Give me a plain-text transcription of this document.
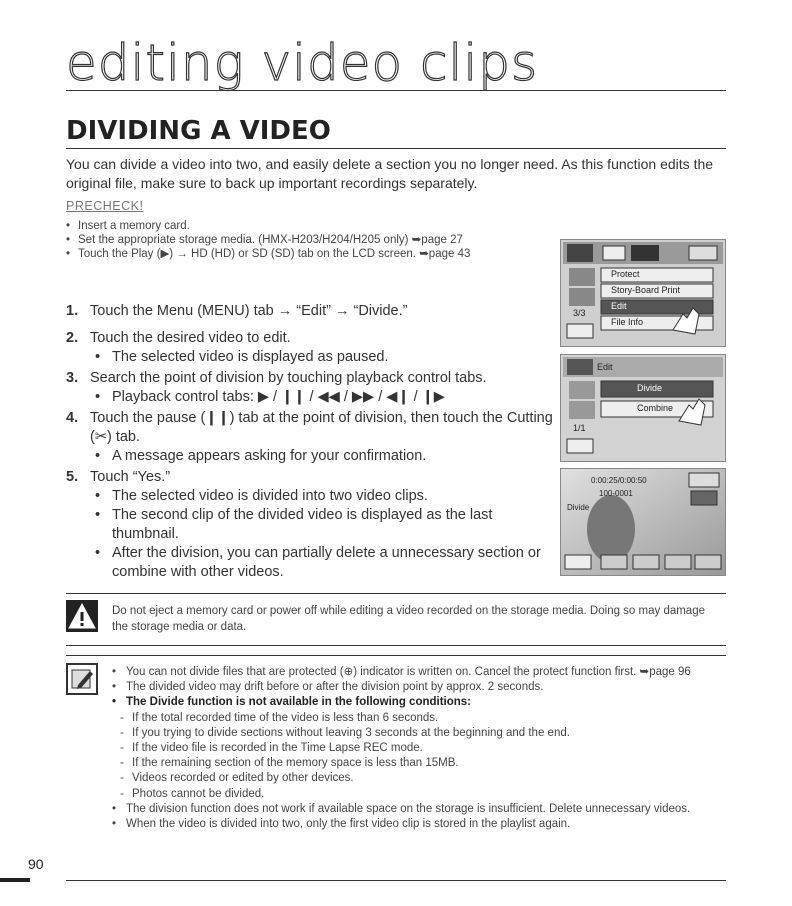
editing video clips
DIVIDING A VIDEO
You can divide a video into two, and easily delete a section you no longer need. As this function edits the original file, make sure to back up important recordings separately.
PRECHECK!
• Insert a memory card.
• Set the appropriate storage media. (HMX-H203/H204/H205 only) ➥page 27
• Touch the Play (▶) → HD (HD) or SD (SD) tab on the LCD screen. ➥page 43
1. Touch the Menu (MENU) tab → “Edit” → “Divide.”
2. Touch the desired video to edit.
• The selected video is displayed as paused.
3. Search the point of division by touching playback control tabs.
• Playback control tabs: ▶ / ❙❙ / ◀◀ / ▶▶ / ◀❙ / ❙▶
4. Touch the pause (❙❙) tab at the point of division, then touch the Cutting (✂) tab.
• A message appears asking for your confirmation.
5. Touch “Yes.”
• The selected video is divided into two video clips.
• The second clip of the divided video is displayed as the last thumbnail.
• After the division, you can partially delete a unnecessary section or combine with other videos.
Protect
Story-Board Print
Edit
File Info
3/3
Edit
Divide
Combine
1/1
0:00:25/0:00:50
100-0001
Divide
Do not eject a memory card or power off while editing a video recorded on the storage media. Doing so may damage the storage media or data.
• You can not divide files that are protected (⊕) indicator is written on. Cancel the protect function first. ➥page 96
• The divided video may drift before or after the division point by approx. 2 seconds.
• The Divide function is not available in the following conditions:
- If the total recorded time of the video is less than 6 seconds.
- If you trying to divide sections without leaving 3 seconds at the beginning and the end.
- If the video file is recorded in the Time Lapse REC mode.
- If the remaining section of the memory space is less than 15MB.
- Videos recorded or edited by other devices.
- Photos cannot be divided.
• The division function does not work if available space on the storage is insufficient. Delete unnecessary videos.
• When the video is divided into two, only the first video clip is stored in the playlist again.
90
